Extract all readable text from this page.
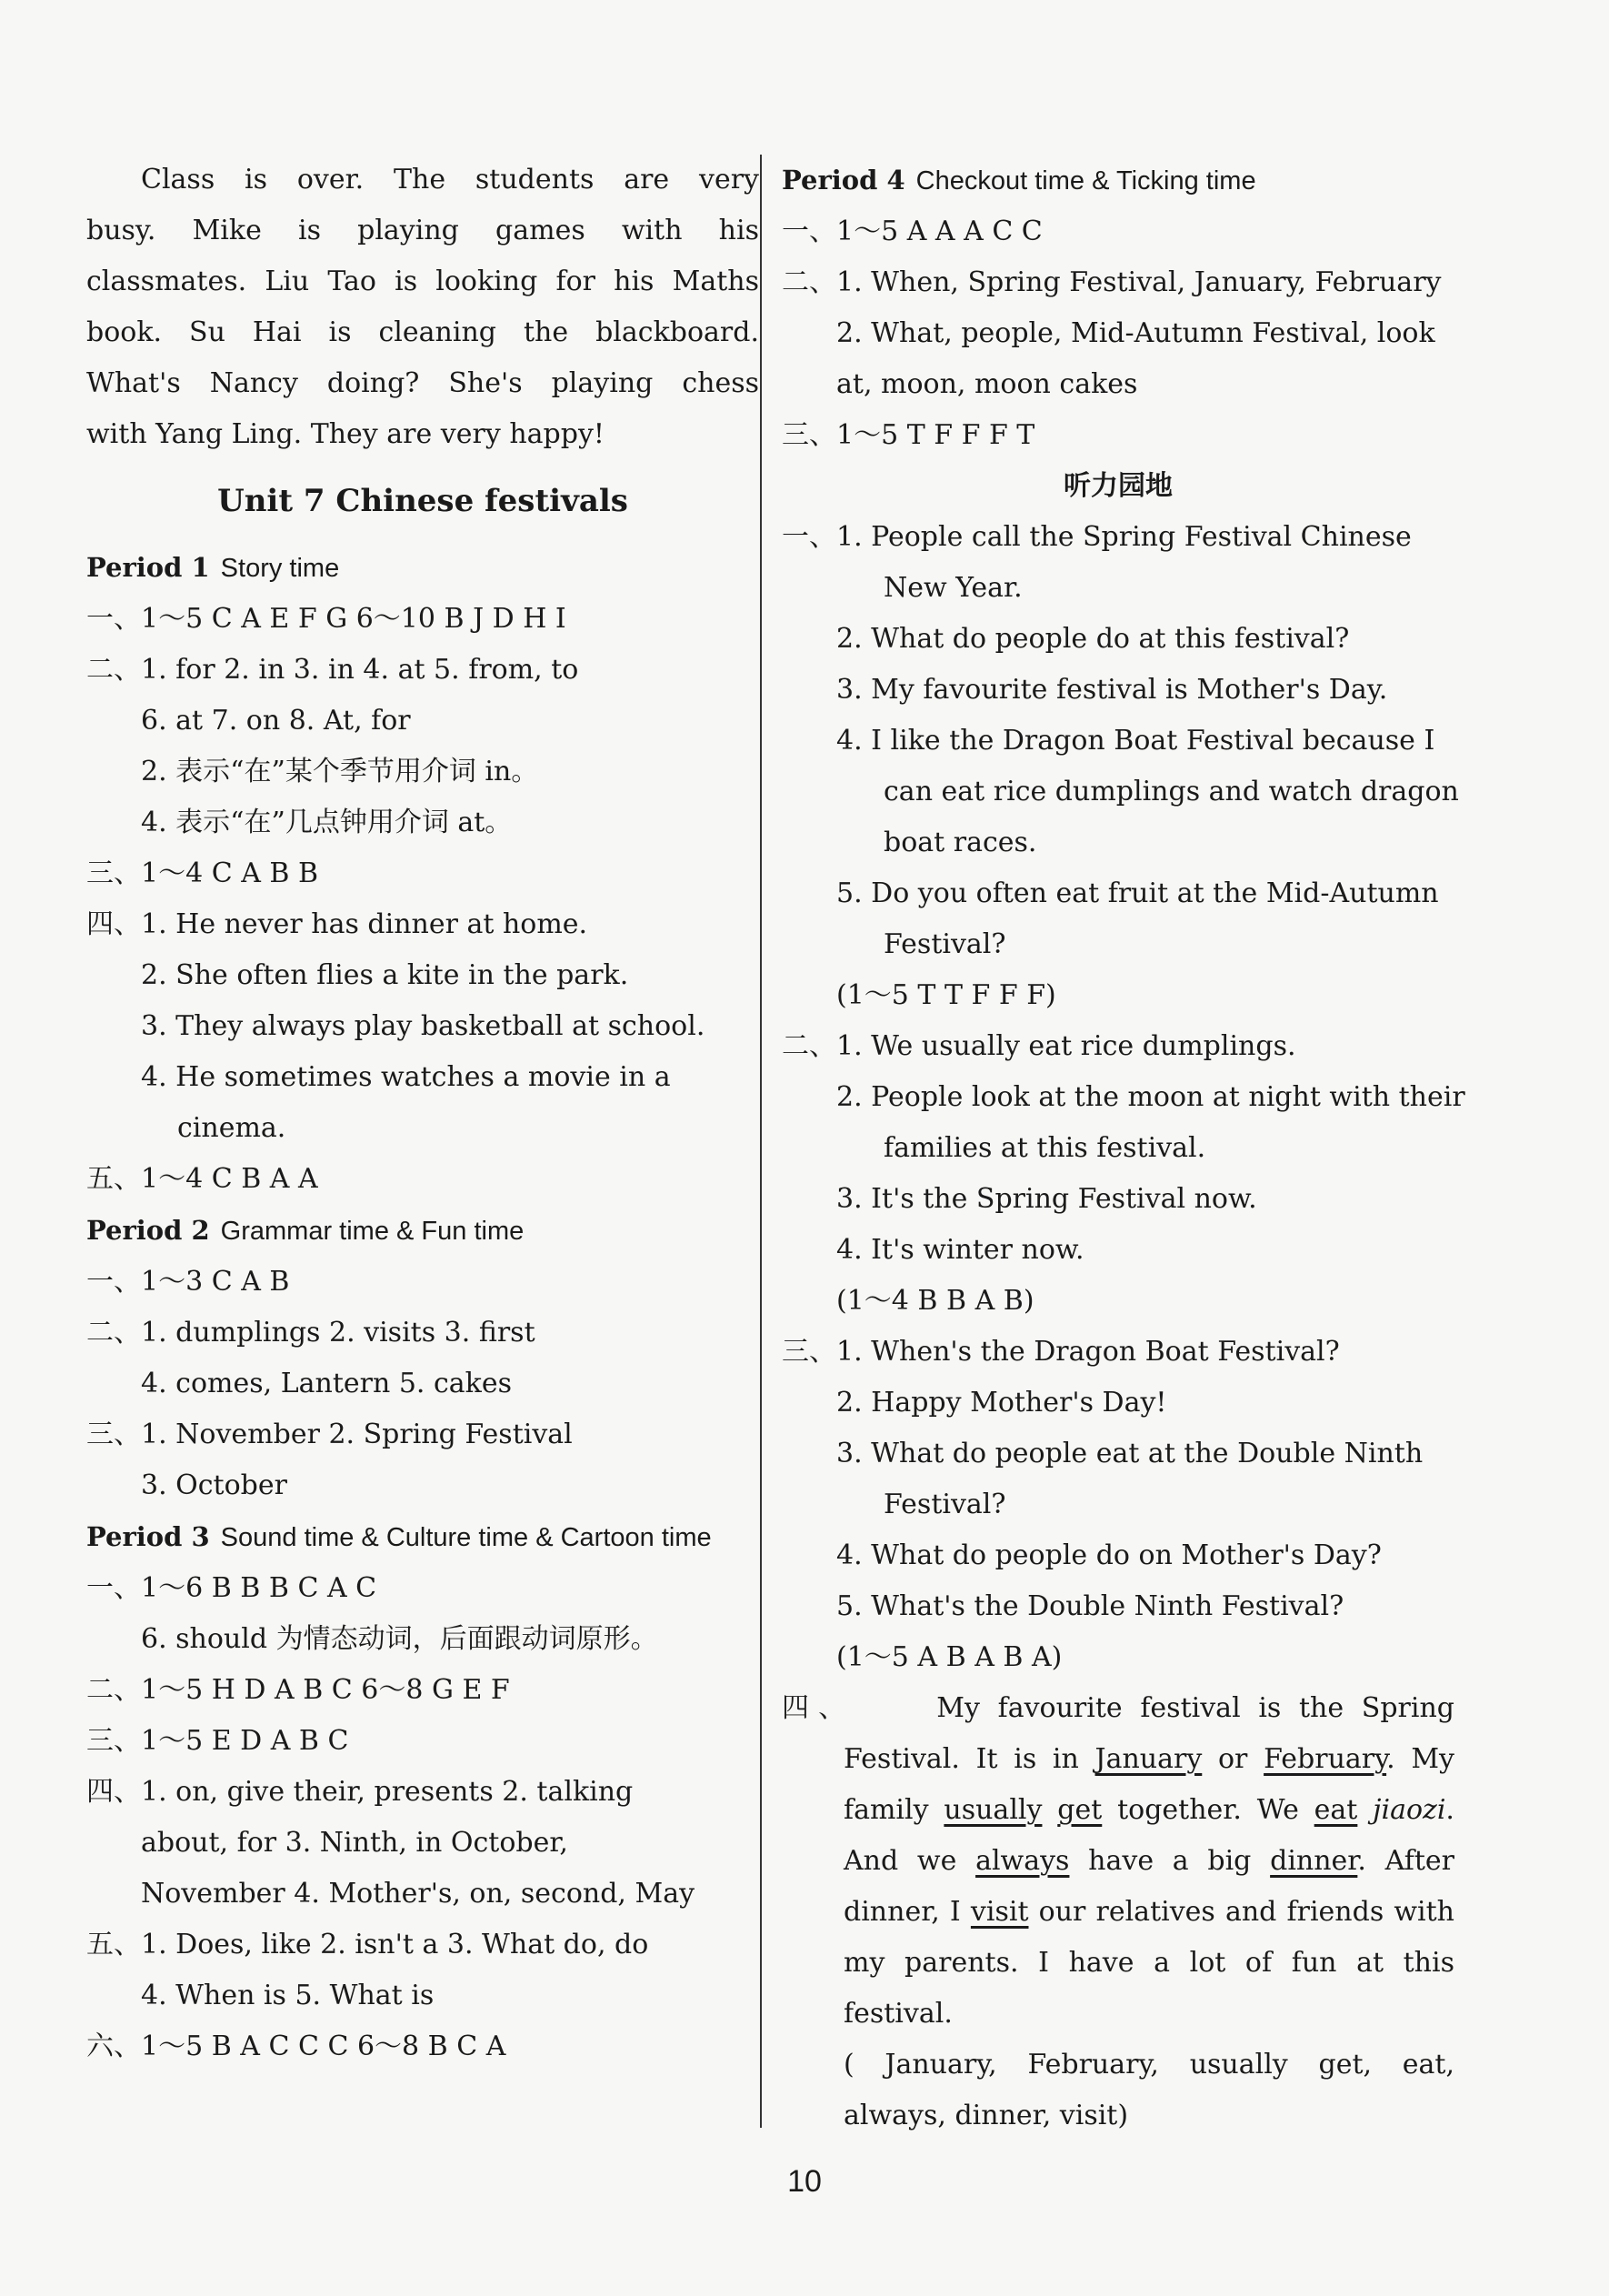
Class is over. The students are very
busy. Mike is playing games with his
classmates. Liu Tao is looking for his Maths
book. Su Hai is cleaning the blackboard.
What's Nancy doing? She's playing chess
with Yang Ling. They are very happy!
Unit 7 Chinese festivals
Period 1 Story time
一、1～5 C A E F G 6～10 B J D H I
二、1. for 2. in 3. in 4. at 5. from, to
6. at 7. on 8. At, for
2. 表示“在”某个季节用介词 in。
4. 表示“在”几点钟用介词 at。
三、1～4 C A B B
四、1. He never has dinner at home.
2. She often flies a kite in the park.
3. They always play basketball at school.
4. He sometimes watches a movie in a
cinema.
五、1～4 C B A A
Period 2 Grammar time & Fun time
一、1～3 C A B
二、1. dumplings 2. visits 3. first
4. comes, Lantern 5. cakes
三、1. November 2. Spring Festival
3. October
Period 3 Sound time & Culture time & Cartoon time
一、1～6 B B B C A C
6. should 为情态动词，后面跟动词原形。
二、1～5 H D A B C 6～8 G E F
三、1～5 E D A B C
四、1. on, give their, presents 2. talking
about, for 3. Ninth, in October,
November 4. Mother's, on, second, May
五、1. Does, like 2. isn't a 3. What do, do
4. When is 5. What is
六、1～5 B A C C C 6～8 B C A
Period 4 Checkout time & Ticking time
一、1～5 A A A C C
二、1. When, Spring Festival, January, February
2. What, people, Mid-Autumn Festival, look
at, moon, moon cakes
三、1～5 T F F F T
听力园地
一、1. People call the Spring Festival Chinese
New Year.
2. What do people do at this festival?
3. My favourite festival is Mother's Day.
4. I like the Dragon Boat Festival because I
can eat rice dumplings and watch dragon
boat races.
5. Do you often eat fruit at the Mid-Autumn
Festival?
(1～5 T T F F F)
二、1. We usually eat rice dumplings.
2. People look at the moon at night with their
families at this festival.
3. It's the Spring Festival now.
4. It's winter now.
(1～4 B B A B)
三、1. When's the Dragon Boat Festival?
2. Happy Mother's Day!
3. What do people eat at the Double Ninth
Festival?
4. What do people do on Mother's Day?
5. What's the Double Ninth Festival?
(1～5 A B A B A)
四、	My favourite festival is the Spring
Festival. It is in January or February. My
family usually get together. We eat jiaozi.
And we always have a big dinner. After
dinner, I visit our relatives and friends with
my parents. I have a lot of fun at this
festival.
( January, February, usually get, eat,
always, dinner, visit)
10
